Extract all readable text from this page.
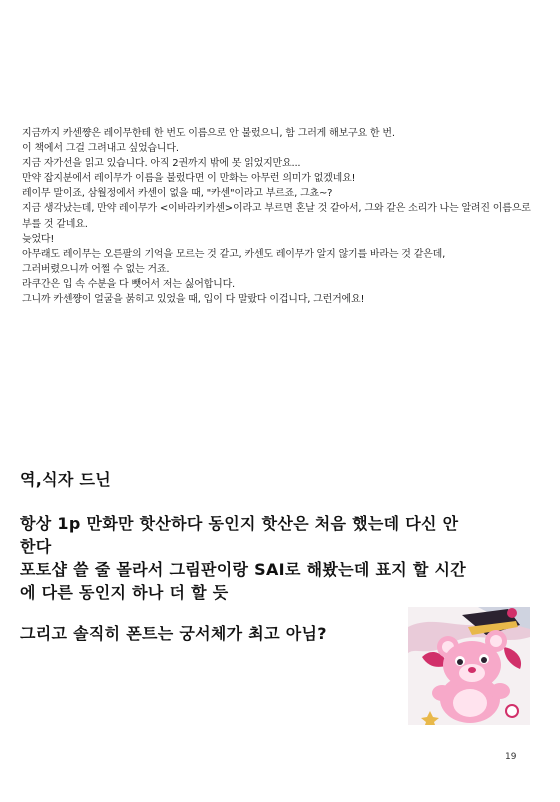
지금까지 카센쨩은 레이무한테 한 번도 이름으로 안 불렀으니, 함 그러게 해보구요 한 번.
이 책에서 그걸 그려내고 싶었습니다.
지금 자가선을 읽고 있습니다. 아직 2권까지 밖에 못 읽었지만요...
만약 잡지분에서 레이무가 이름을 불렀다면 이 만화는 아무런 의미가 없겠네요!
레이무 말이죠, 삼월정에서 카센이 없을 때, "카센"이라고 부르죠, 그쵸~?
지금 생각났는데, 만약 레이무가 <이바라키카센>이라고 부르면 혼날 것 같아서, 그와 같은 소리가 나는 알려진 이름으로 부를 것 같네요.
늦었다!
아무래도 레이무는 오른팔의 기억을 모르는 것 같고, 카센도 레이무가 알지 않기를 바라는 것 같은데,
그러버렸으니까 어쩔 수 없는 거죠.
라쿠간은 입 속 수분을 다 뺏어서 저는 싫어합니다.
그니까 카센쨩이 얼굴을 붉히고 있었을 때, 입이 다 말랐다 이겁니다, 그런거에요!
역,식자 드닌
항상 1p 만화만 핫산하다 동인지 핫산은 처음 했는데 다신 안
한다
포토샵 쓸 줄 몰라서 그림판이랑 SAI로 해봤는데 표지 할 시간
에 다른 동인지 하나 더 할 듯
그리고 솔직히 폰트는 궁서체가 최고 아님?
19
